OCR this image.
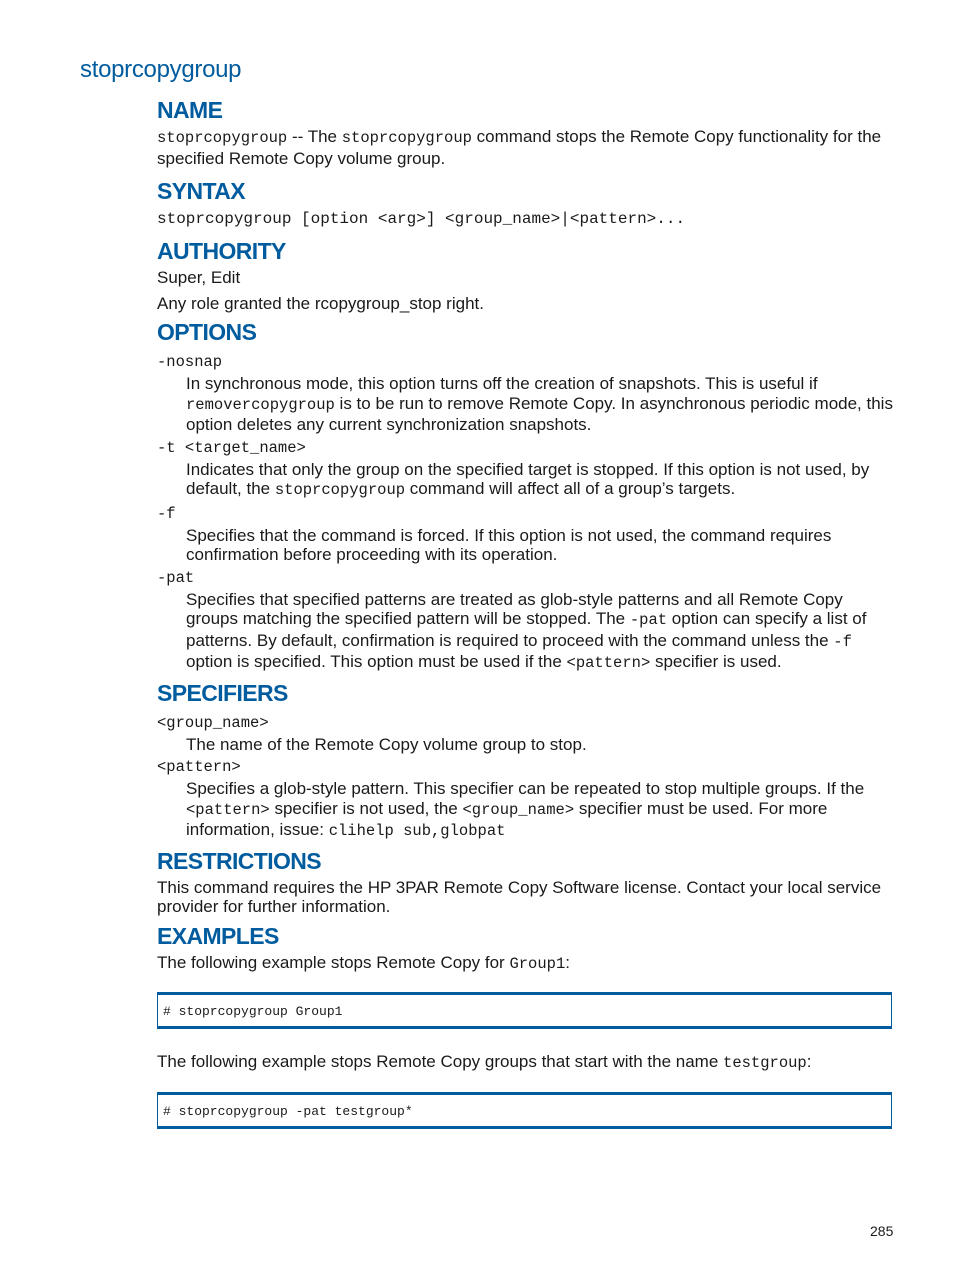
stoprcopygroup
NAME

stoprcopygroup -- The stoprcopygroup command stops the Remote Copy functionality for the specified Remote Copy volume group.

SYNTAX

stoprcopygroup [option <arg>] <group_name>|<pattern>...

AUTHORITY

Super, Edit

Any role granted the rcopygroup_stop right.

OPTIONS
-nosnap
In synchronous mode, this option turns off the creation of snapshots. This is useful if removercopygroup is to be run to remove Remote Copy. In asynchronous periodic mode, this option deletes any current synchronization snapshots.
-t <target_name>
Indicates that only the group on the specified target is stopped. If this option is not used, by default, the stoprcopygroup command will affect all of a group’s targets.
-f
Specifies that the command is forced. If this option is not used, the command requires confirmation before proceeding with its operation.
-pat
Specifies that specified patterns are treated as glob-style patterns and all Remote Copy groups matching the specified pattern will be stopped. The -pat option can specify a list of patterns. By default, confirmation is required to proceed with the command unless the -f option is specified. This option must be used if the <pattern> specifier is used.
SPECIFIERS
<group_name>
The name of the Remote Copy volume group to stop.
<pattern>
Specifies a glob-style pattern. This specifier can be repeated to stop multiple groups. If the <pattern> specifier is not used, the <group_name> specifier must be used. For more information, issue: clihelp sub,globpat
RESTRICTIONS

This command requires the HP 3PAR Remote Copy Software license. Contact your local service provider for further information.

EXAMPLES

The following example stops Remote Copy for Group1:

# stoprcopygroup Group1

The following example stops Remote Copy groups that start with the name testgroup:

# stoprcopygroup -pat testgroup*
285
